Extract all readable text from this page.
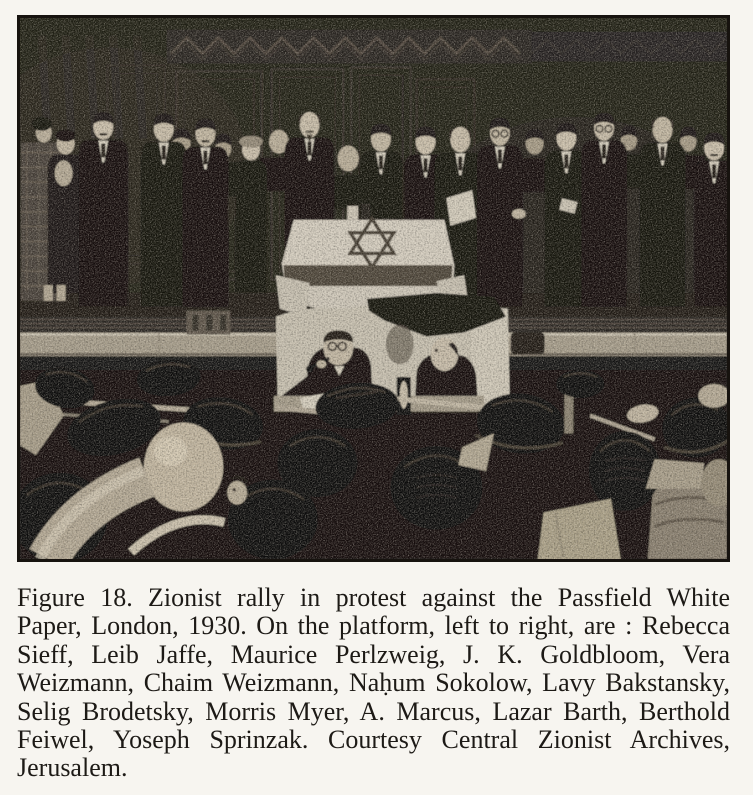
Figure 18. Zionist rally in protest against the Passfield White
Paper, London, 1930. On the platform, left to right, are : Rebecca
Sieff, Leib Jaffe, Maurice Perlzweig, J. K. Goldbloom, Vera
Weizmann, Chaim Weizmann, Naḥum Sokolow, Lavy Bakstansky,
Selig Brodetsky, Morris Myer, A. Marcus, Lazar Barth, Berthold
Feiwel, Yoseph Sprinzak. Courtesy Central Zionist Archives,
Jerusalem.
